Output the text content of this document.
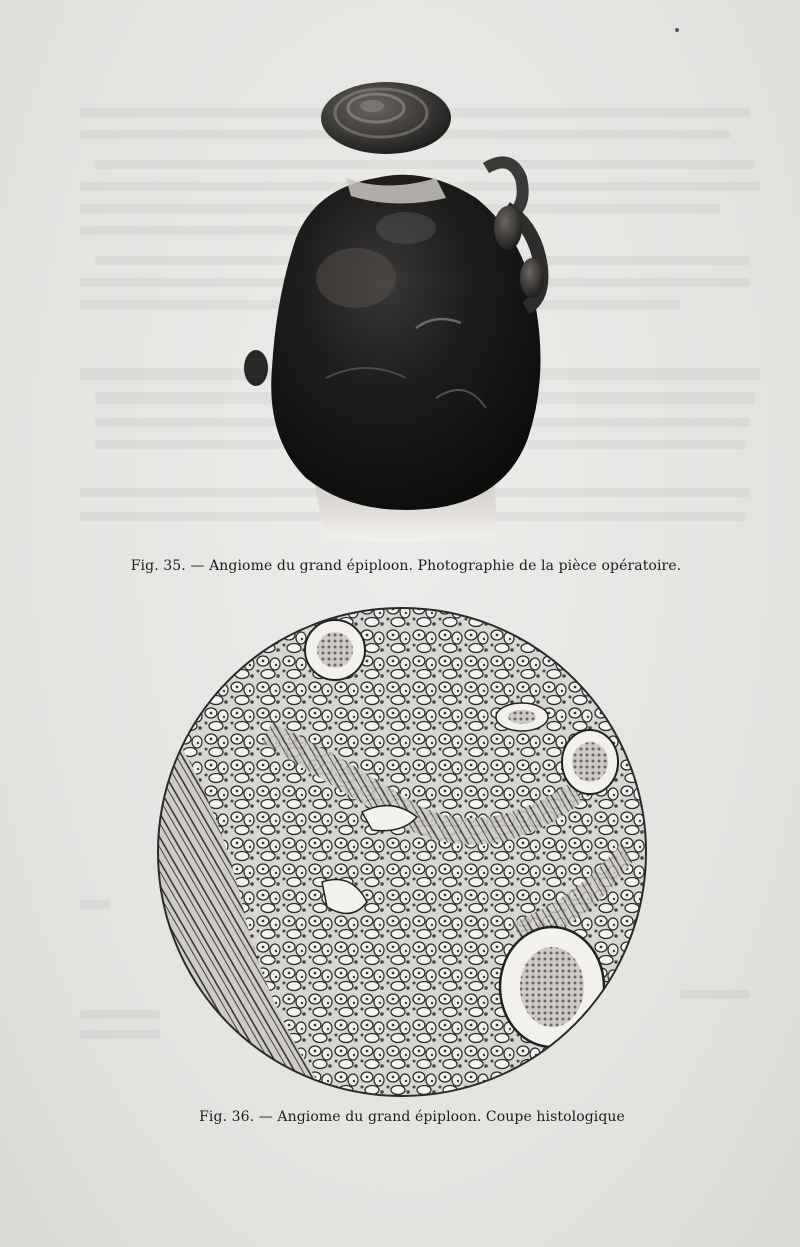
Fig. 35. — Angiome du grand épiploon. Photographie de la pièce opératoire.
Fig. 36. — Angiome du grand épiploon. Coupe histologique
